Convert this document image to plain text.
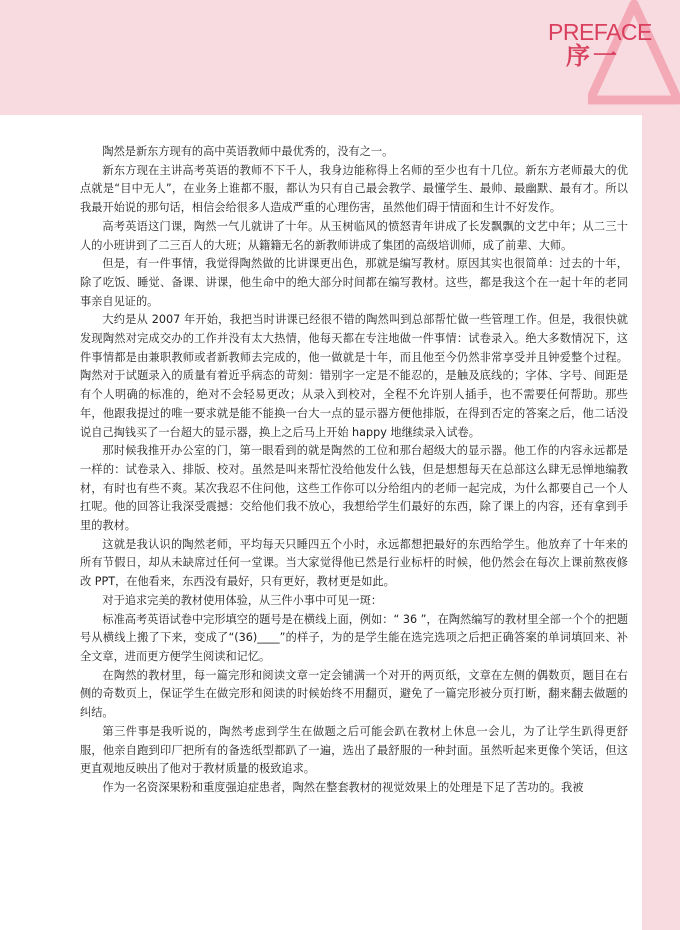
PREFACE
序一

陶然是新东方现有的高中英语教师中最优秀的，没有之一。

新东方现在主讲高考英语的教师不下千人，我身边能称得上名师的至少也有十几位。新东方老师最大的优点就是“目中无人”，在业务上谁都不服，都认为只有自己最会教学、最懂学生、最帅、最幽默、最有才。所以我最开始说的那句话，相信会给很多人造成严重的心理伤害，虽然他们碍于情面和生计不好发作。

高考英语这门课，陶然一气儿就讲了十年。从玉树临风的愤怒青年讲成了长发飘飘的文艺中年；从二三十人的小班讲到了二三百人的大班；从籍籍无名的新教师讲成了集团的高级培训师，成了前辈、大师。

但是，有一件事情，我觉得陶然做的比讲课更出色，那就是编写教材。原因其实也很简单：过去的十年，除了吃饭、睡觉、备课、讲课，他生命中的绝大部分时间都在编写教材。这些，都是我这个在一起十年的老同事亲自见证的。

大约是从 2007 年开始，我把当时讲课已经很不错的陶然叫到总部帮忙做一些管理工作。但是，我很快就发现陶然对完成交办的工作并没有太大热情，他每天都在专注地做一件事情：试卷录入。绝大多数情况下，这件事情都是由兼职教师或者新教师去完成的，他一做就是十年，而且他至今仍然非常享受并且钟爱整个过程。陶然对于试题录入的质量有着近乎病态的苛刻：错别字一定是不能忍的，是触及底线的；字体、字号、间距是有个人明确的标准的，绝对不会轻易更改；从录入到校对，全程不允许别人插手，也不需要任何帮助。那些年，他跟我提过的唯一要求就是能不能换一台大一点的显示器方便他排版，在得到否定的答案之后，他二话没说自己掏钱买了一台超大的显示器，换上之后马上开始 happy 地继续录入试卷。

那时候我推开办公室的门，第一眼看到的就是陶然的工位和那台超级大的显示器。他工作的内容永远都是一样的：试卷录入、排版、校对。虽然是叫来帮忙没给他发什么钱，但是想想每天在总部这么肆无忌惮地编教材，有时也有些不爽。某次我忍不住问他，这些工作你可以分给组内的老师一起完成，为什么都要自己一个人扛呢。他的回答让我深受震撼：交给他们我不放心，我想给学生们最好的东西，除了课上的内容，还有拿到手里的教材。

这就是我认识的陶然老师，平均每天只睡四五个小时，永远都想把最好的东西给学生。他放弃了十年来的所有节假日，却从未缺席过任何一堂课。当大家觉得他已然是行业标杆的时候，他仍然会在每次上课前熬夜修改 PPT，在他看来，东西没有最好，只有更好，教材更是如此。

对于追求完美的教材使用体验，从三件小事中可见一斑：

标准高考英语试卷中完形填空的题号是在横线上面，例如：“ 36 ”，在陶然编写的教材里全部一个个的把题号从横线上搬了下来，变成了“(36)____”的样子，为的是学生能在选完选项之后把正确答案的单词填回来、补全文章，进而更方便学生阅读和记忆。

在陶然的教材里，每一篇完形和阅读文章一定会铺满一个对开的两页纸，文章在左侧的偶数页，题目在右侧的奇数页上，保证学生在做完形和阅读的时候始终不用翻页，避免了一篇完形被分页打断，翻来翻去做题的纠结。

第三件事是我听说的，陶然考虑到学生在做题之后可能会趴在教材上休息一会儿，为了让学生趴得更舒服，他亲自跑到印厂把所有的备选纸型都趴了一遍，选出了最舒服的一种封面。虽然听起来更像个笑话，但这更直观地反映出了他对于教材质量的极致追求。

作为一名资深果粉和重度强迫症患者，陶然在整套教材的视觉效果上的处理是下足了苦功的。我被
